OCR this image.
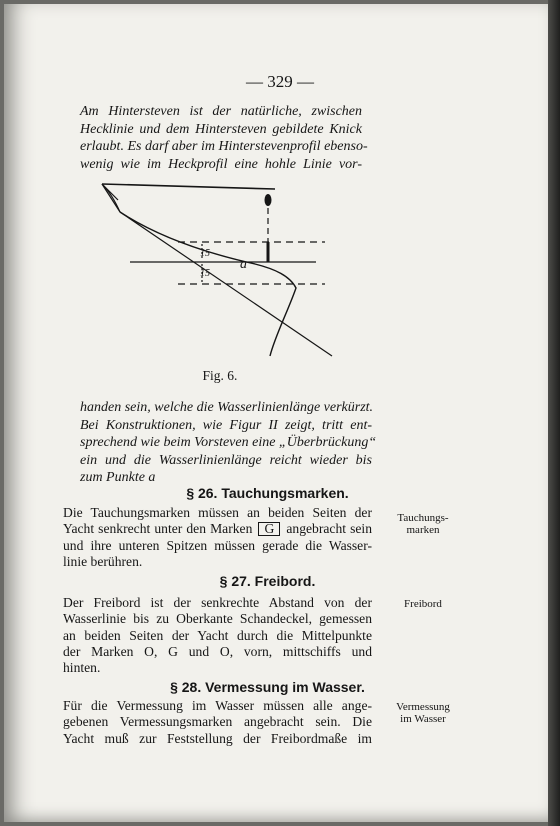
— 329 —
Am Hintersteven ist der natürliche, zwischen
Hecklinie und dem Hintersteven gebildete Knick
erlaubt. Es darf aber im Hinterstevenprofil ebenso-
wenig wie im Heckprofil eine hohle Linie vor-
15
15
a
Fig. 6.
handen sein, welche die Wasserlinienlänge verkürzt.
Bei Konstruktionen, wie Figur II zeigt, tritt ent-
sprechend wie beim Vorsteven eine „Überbrückung“
ein und die Wasserlinienlänge reicht wieder bis
zum Punkte a
§ 26. Tauchungsmarken.
Die Tauchungsmarken müssen an beiden Seiten der
Yacht senkrecht unter den Marken G angebracht sein
und ihre unteren Spitzen müssen gerade die Wasser-
linie berühren.
Tauchungs-
marken
§ 27. Freibord.
Der Freibord ist der senkrechte Abstand von der
Wasserlinie bis zu Oberkante Schandeckel, gemessen
an beiden Seiten der Yacht durch die Mittelpunkte
der Marken O, G und O, vorn, mittschiffs und
hinten.
Freibord
§ 28. Vermessung im Wasser.
Für die Vermessung im Wasser müssen alle ange-
gebenen Vermessungsmarken angebracht sein. Die
Yacht muß zur Feststellung der Freibordmaße im
Vermessung
im Wasser
